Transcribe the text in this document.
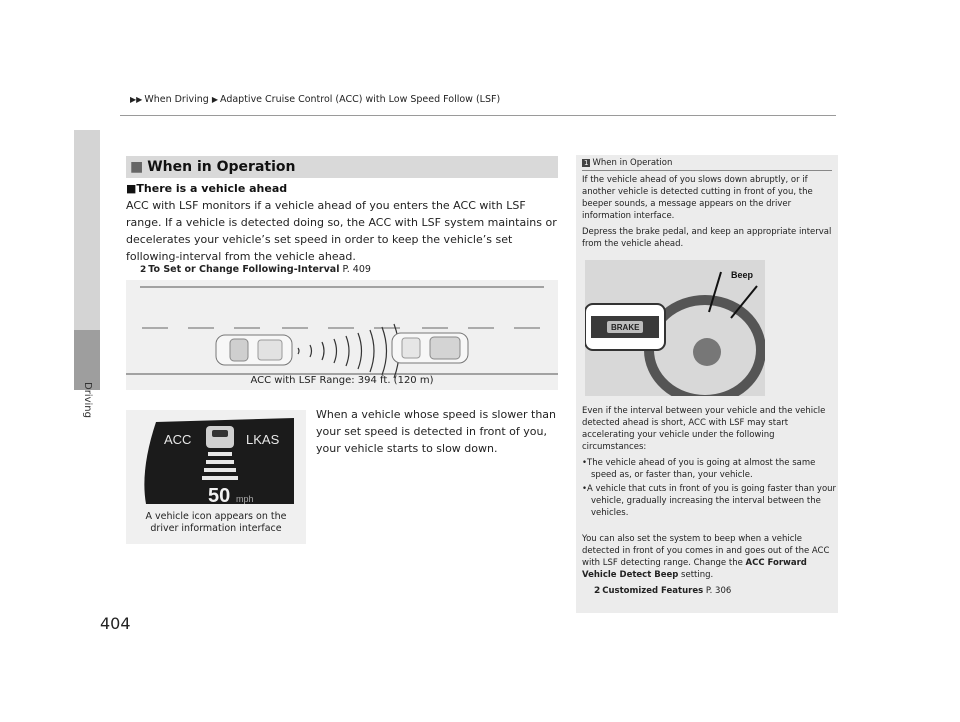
▶▶ When Driving ▶ Adaptive Cruise Control (ACC) with Low Speed Follow (LSF)
Driving
404
■ When in Operation
■There is a vehicle ahead
ACC with LSF monitors if a vehicle ahead of you enters the ACC with LSF range. If a vehicle is detected doing so, the ACC with LSF system maintains or decelerates your vehicle’s set speed in order to keep the vehicle’s set following-interval from the vehicle ahead.
2 To Set or Change Following-Interval P. 409
ACC with LSF Range: 394 ft. (120 m)
ACC	LKAS
50 mph
A vehicle icon appears on the
driver information interface
When a vehicle whose speed is slower than your set speed is detected in front of you, your vehicle starts to slow down.
1 When in Operation
If the vehicle ahead of you slows down abruptly, or if another vehicle is detected cutting in front of you, the beeper sounds, a message appears on the driver information interface.
Depress the brake pedal, and keep an appropriate interval from the vehicle ahead.
BRAKE
Beep
Even if the interval between your vehicle and the vehicle detected ahead is short, ACC with LSF may start accelerating your vehicle under the following circumstances:
•The vehicle ahead of you is going at almost the same speed as, or faster than, your vehicle.
•A vehicle that cuts in front of you is going faster than your vehicle, gradually increasing the interval between the vehicles.
You can also set the system to beep when a vehicle detected in front of you comes in and goes out of the ACC with LSF detecting range. Change the ACC Forward Vehicle Detect Beep setting.
2 Customized Features P. 306
